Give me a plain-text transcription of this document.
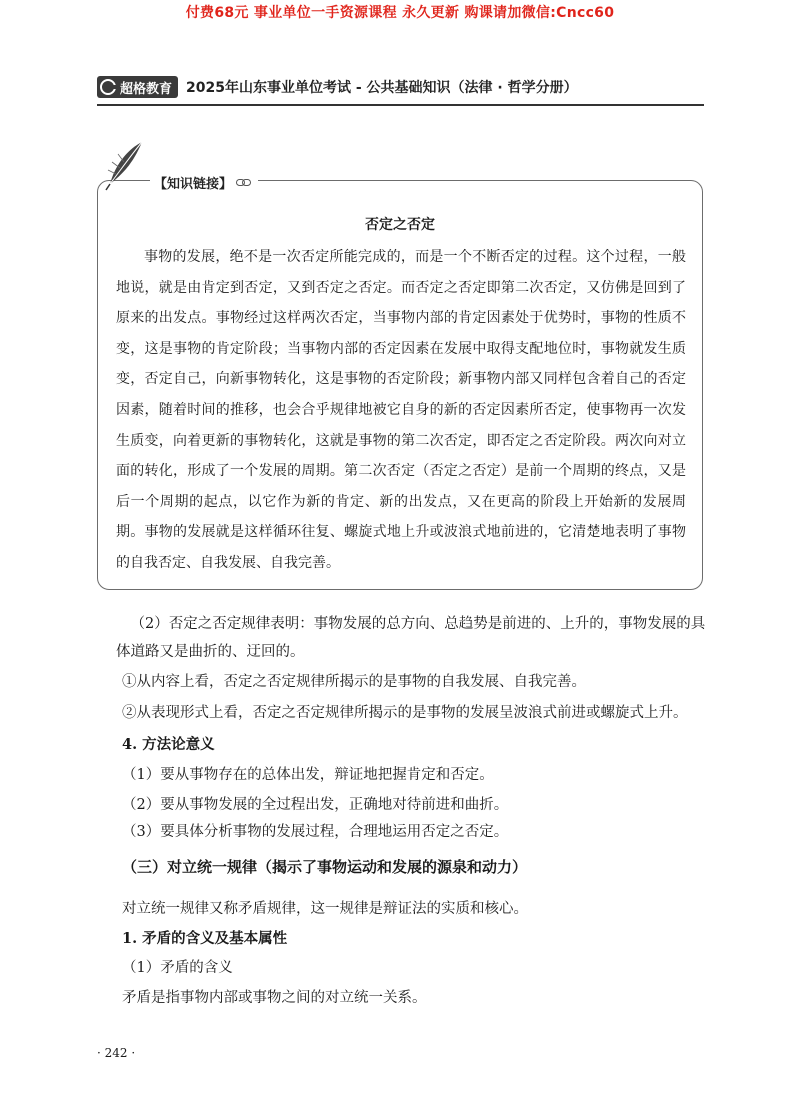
付费68元 事业单位一手资源课程 永久更新 购课请加微信:Cncc60
超格教育 2025年山东事业单位考试 - 公共基础知识（法律 · 哲学分册）
【知识链接】
否定之否定

事物的发展，绝不是一次否定所能完成的，而是一个不断否定的过程。这个过程，一般地说，就是由肯定到否定，又到否定之否定。而否定之否定即第二次否定，又仿佛是回到了原来的出发点。事物经过这样两次否定，当事物内部的肯定因素处于优势时，事物的性质不变，这是事物的肯定阶段；当事物内部的否定因素在发展中取得支配地位时，事物就发生质变，否定自己，向新事物转化，这是事物的否定阶段；新事物内部又同样包含着自己的否定因素，随着时间的推移，也会合乎规律地被它自身的新的否定因素所否定，使事物再一次发生质变，向着更新的事物转化，这就是事物的第二次否定，即否定之否定阶段。两次向对立面的转化，形成了一个发展的周期。第二次否定（否定之否定）是前一个周期的终点，又是后一个周期的起点，以它作为新的肯定、新的出发点，又在更高的阶段上开始新的发展周期。事物的发展就是这样循环往复、螺旋式地上升或波浪式地前进的，它清楚地表明了事物的自我否定、自我发展、自我完善。

（2）否定之否定规律表明：事物发展的总方向、总趋势是前进的、上升的，事物发展的具体道路又是曲折的、迂回的。

①从内容上看，否定之否定规律所揭示的是事物的自我发展、自我完善。

②从表现形式上看，否定之否定规律所揭示的是事物的发展呈波浪式前进或螺旋式上升。

4. 方法论意义

（1）要从事物存在的总体出发，辩证地把握肯定和否定。

（2）要从事物发展的全过程出发，正确地对待前进和曲折。

（3）要具体分析事物的发展过程，合理地运用否定之否定。

（三）对立统一规律（揭示了事物运动和发展的源泉和动力）

对立统一规律又称矛盾规律，这一规律是辩证法的实质和核心。

1. 矛盾的含义及基本属性

（1）矛盾的含义

矛盾是指事物内部或事物之间的对立统一关系。

· 242 ·
